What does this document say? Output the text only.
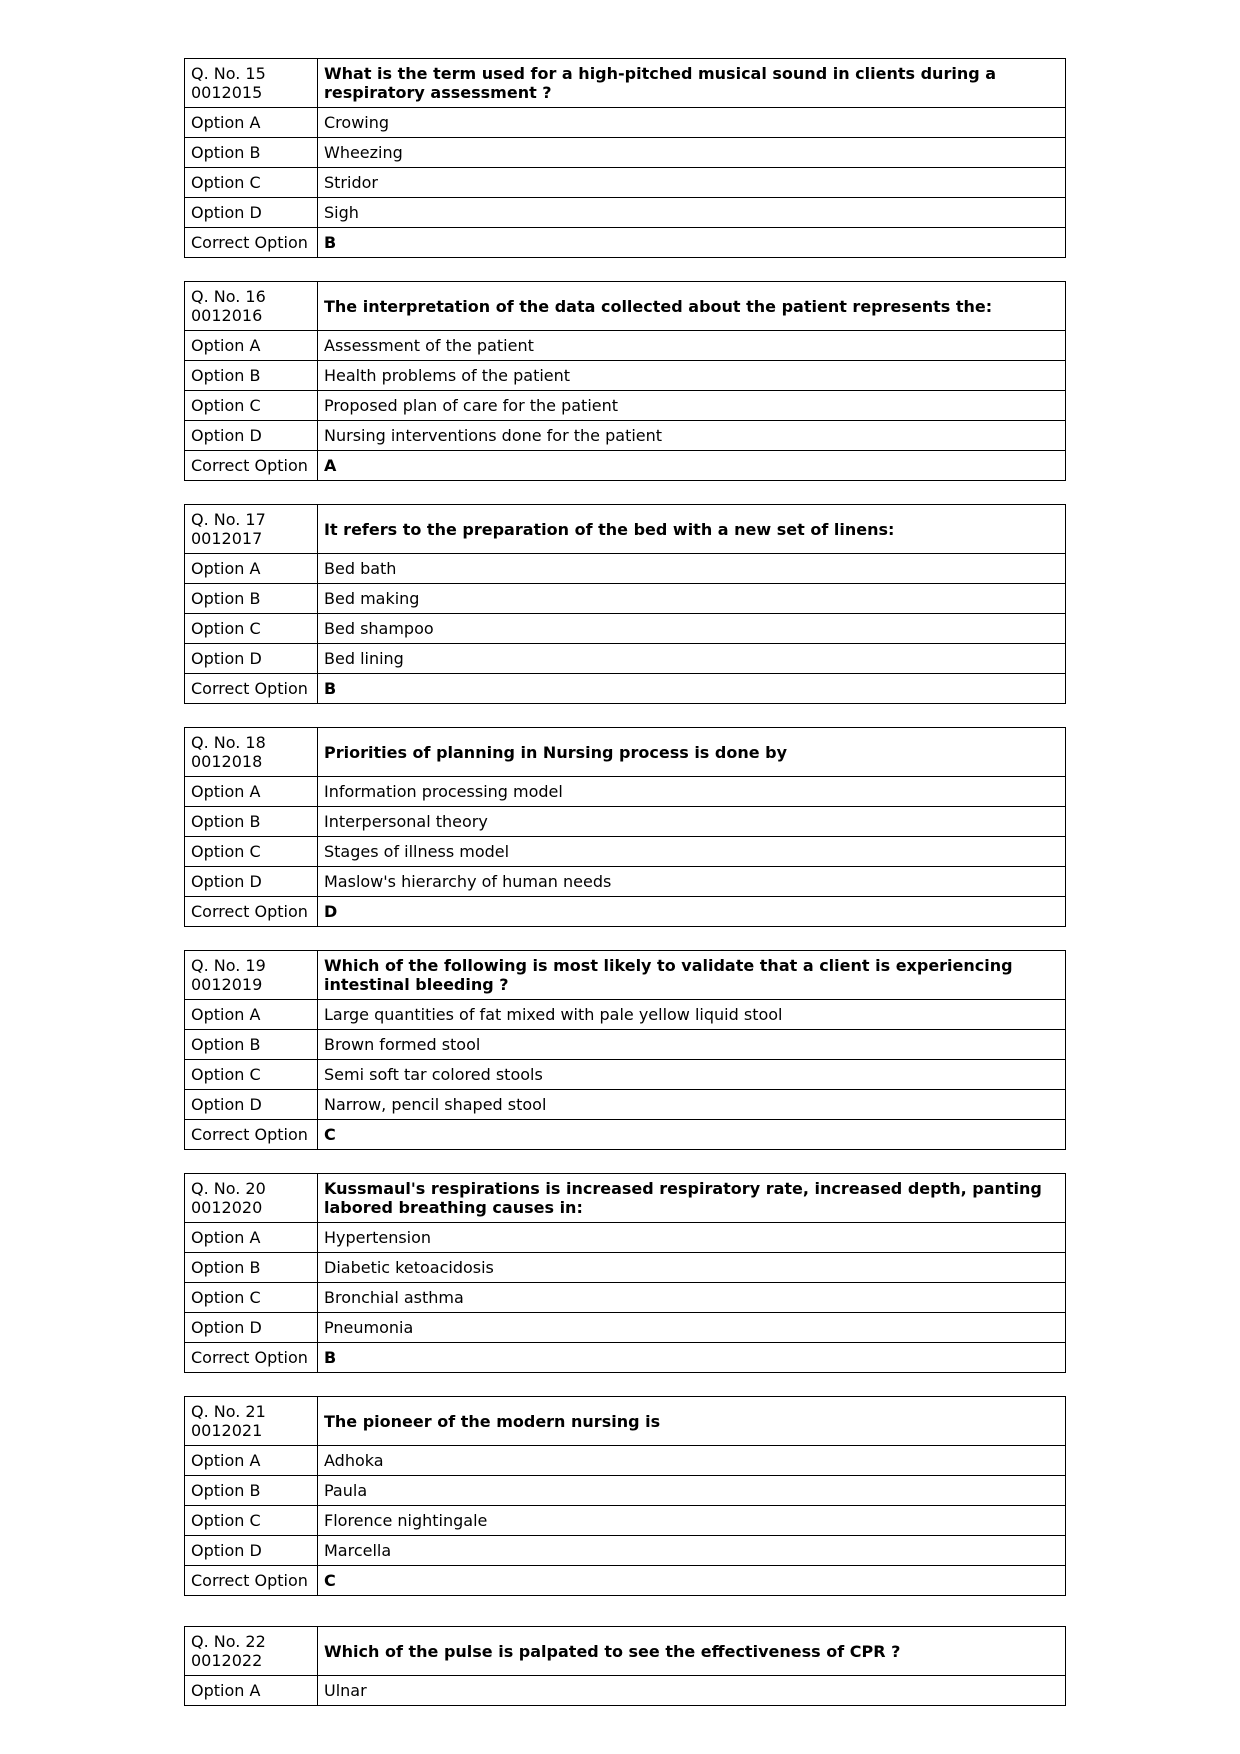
Q. No. 15
0012015	What is the term used for a high-pitched musical sound in clients during a respiratory assessment ?
Option A	Crowing
Option B	Wheezing
Option C	Stridor
Option D	Sigh
Correct Option	B
Q. No. 16
0012016	The interpretation of the data collected about the patient represents the:
Option A	Assessment of the patient
Option B	Health problems of the patient
Option C	Proposed plan of care for the patient
Option D	Nursing interventions done for the patient
Correct Option	A
Q. No. 17
0012017	It refers to the preparation of the bed with a new set of linens:
Option A	Bed bath
Option B	Bed making
Option C	Bed shampoo
Option D	Bed lining
Correct Option	B
Q. No. 18
0012018	Priorities of planning in Nursing process is done by
Option A	Information processing model
Option B	Interpersonal theory
Option C	Stages of illness model
Option D	Maslow's hierarchy of human needs
Correct Option	D
Q. No. 19
0012019	Which of the following is most likely to validate that a client is experiencing intestinal bleeding ?
Option A	Large quantities of fat mixed with pale yellow liquid stool
Option B	Brown formed stool
Option C	Semi soft tar colored stools
Option D	Narrow, pencil shaped stool
Correct Option	C
Q. No. 20
0012020	Kussmaul's respirations is increased respiratory rate, increased depth, panting labored breathing causes in:
Option A	Hypertension
Option B	Diabetic ketoacidosis
Option C	Bronchial asthma
Option D	Pneumonia
Correct Option	B
Q. No. 21
0012021	The pioneer of the modern nursing is
Option A	Adhoka
Option B	Paula
Option C	Florence nightingale
Option D	Marcella
Correct Option	C
Q. No. 22
0012022	Which of the pulse is palpated to see the effectiveness of CPR ?
Option A	Ulnar
